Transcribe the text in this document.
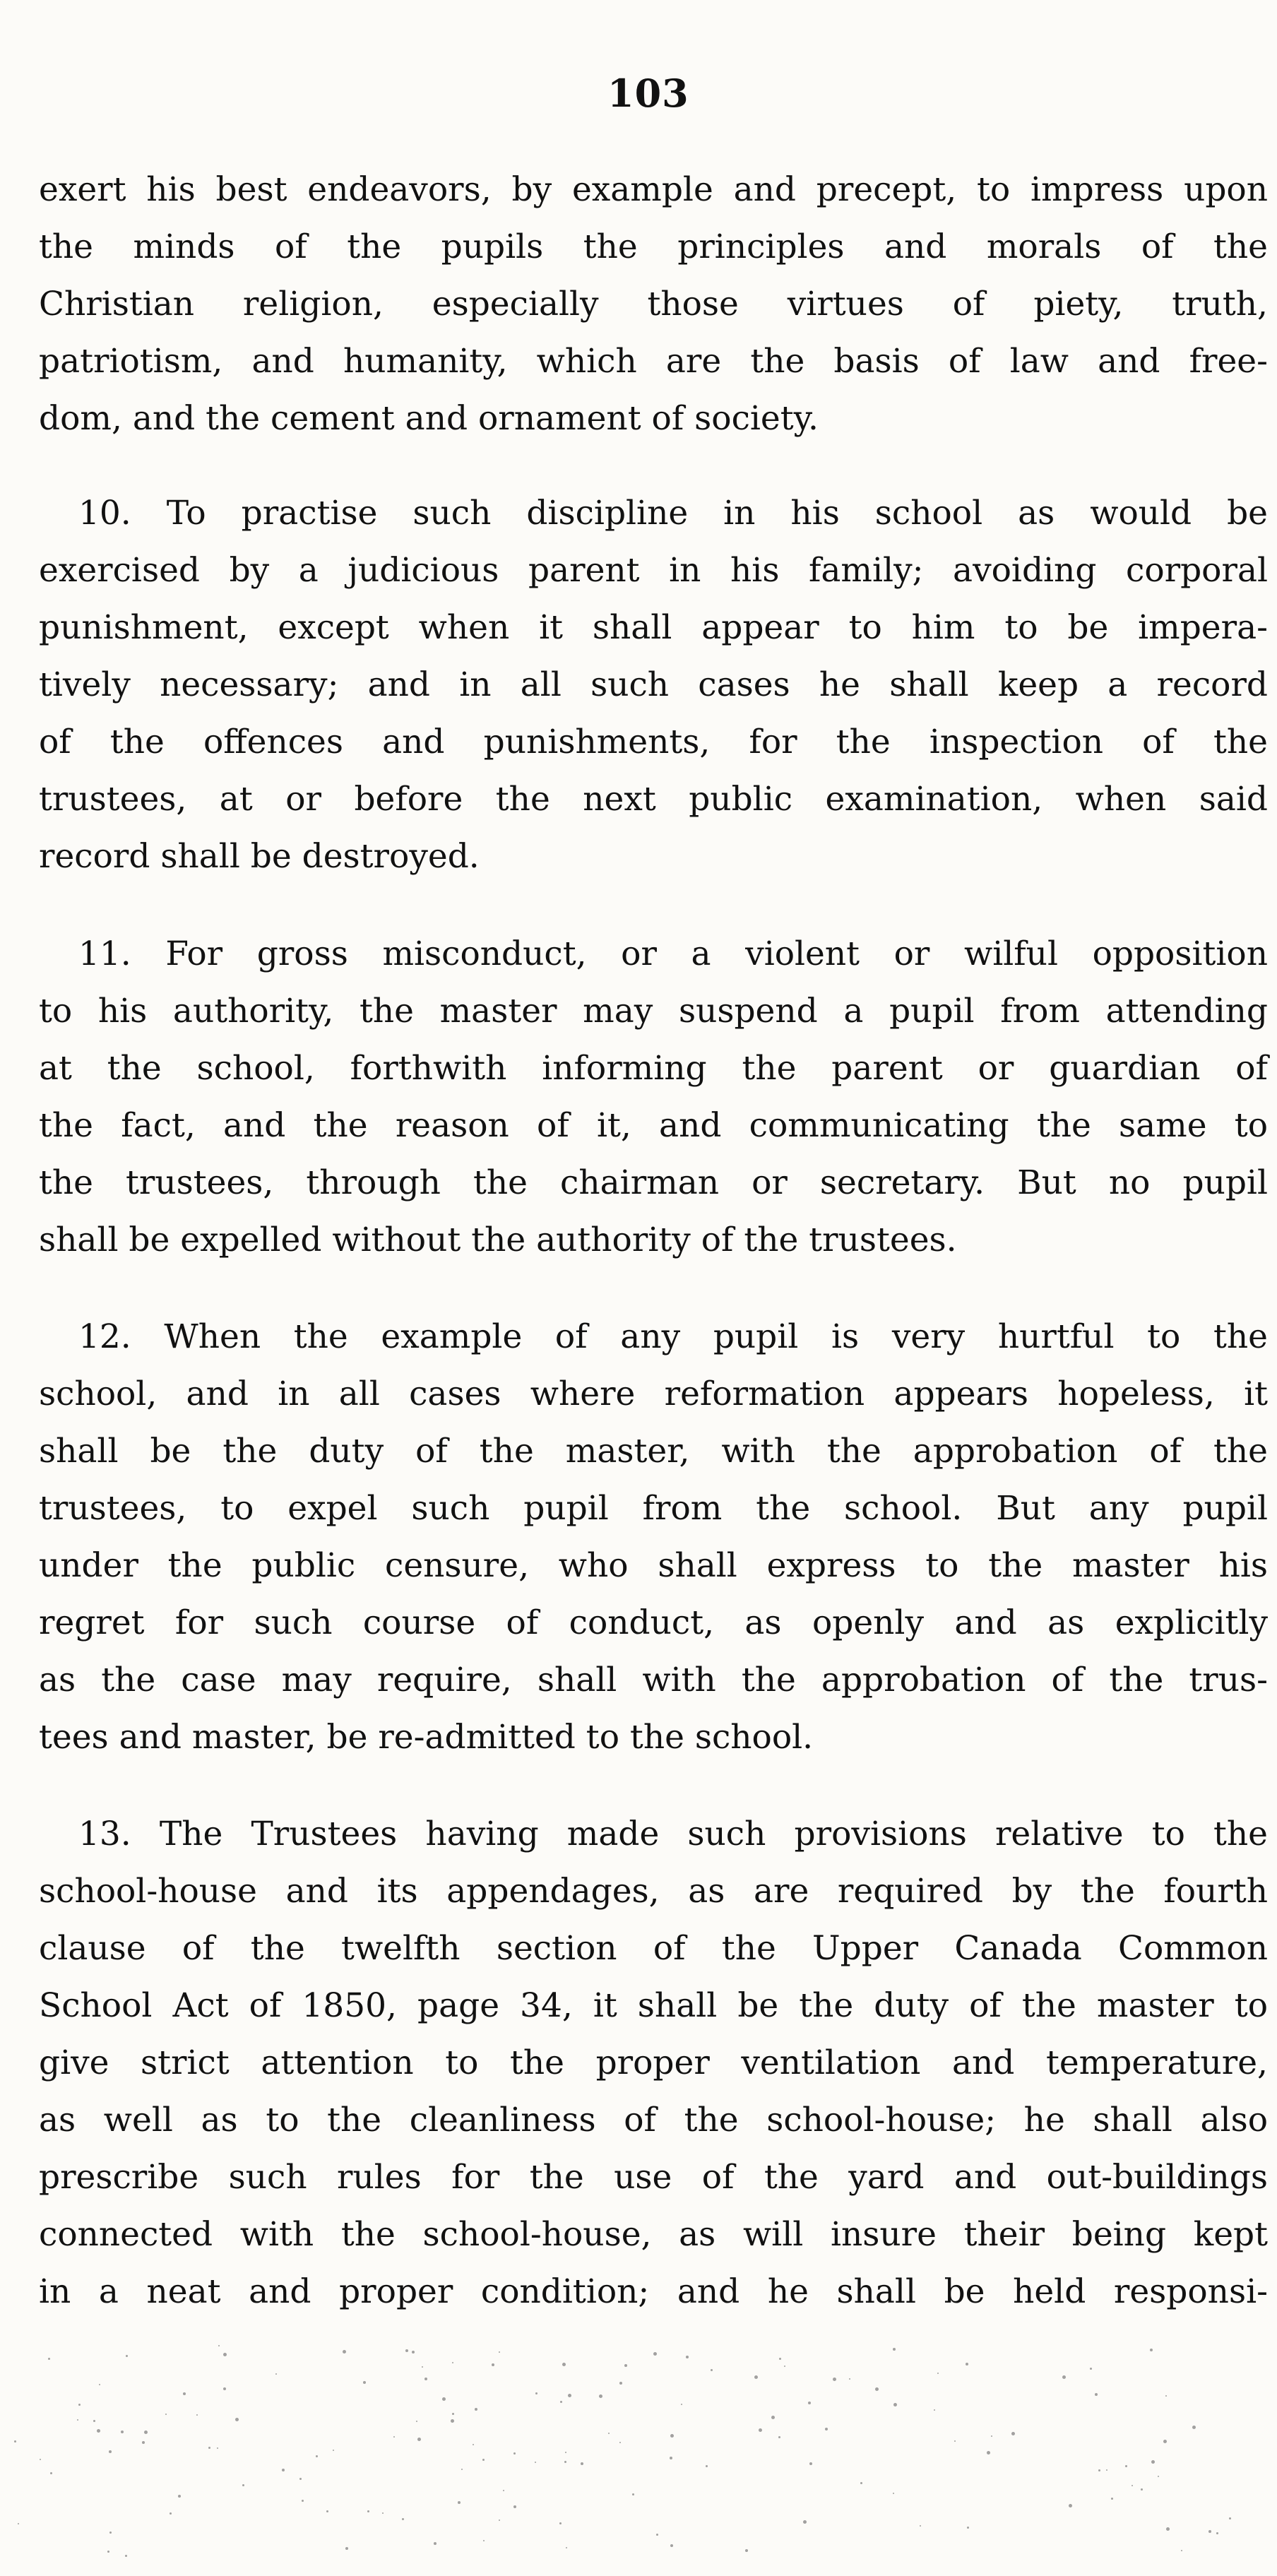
103

exert his best endeavors, by example and precept, to impress upon
the minds of the pupils the principles and morals of the
Christian religion, especially those virtues of piety, truth,
patriotism, and humanity, which are the basis of law and free-
dom, and the cement and ornament of society.

10. To practise such discipline in his school as would be
exercised by a judicious parent in his family; avoiding corporal
punishment, except when it shall appear to him to be impera-
tively necessary; and in all such cases he shall keep a record
of the offences and punishments, for the inspection of the
trustees, at or before the next public examination, when said
record shall be destroyed.

11. For gross misconduct, or a violent or wilful opposition
to his authority, the master may suspend a pupil from attending
at the school, forthwith informing the parent or guardian of
the fact, and the reason of it, and communicating the same to
the trustees, through the chairman or secretary. But no pupil
shall be expelled without the authority of the trustees.

12. When the example of any pupil is very hurtful to the
school, and in all cases where reformation appears hopeless, it
shall be the duty of the master, with the approbation of the
trustees, to expel such pupil from the school. But any pupil
under the public censure, who shall express to the master his
regret for such course of conduct, as openly and as explicitly
as the case may require, shall with the approbation of the trus-
tees and master, be re-admitted to the school.

13. The Trustees having made such provisions relative to the
school-house and its appendages, as are required by the fourth
clause of the twelfth section of the Upper Canada Common
School Act of 1850, page 34, it shall be the duty of the master to
give strict attention to the proper ventilation and temperature,
as well as to the cleanliness of the school-house; he shall also
prescribe such rules for the use of the yard and out-buildings
connected with the school-house, as will insure their being kept
in a neat and proper condition; and he shall be held responsi-
